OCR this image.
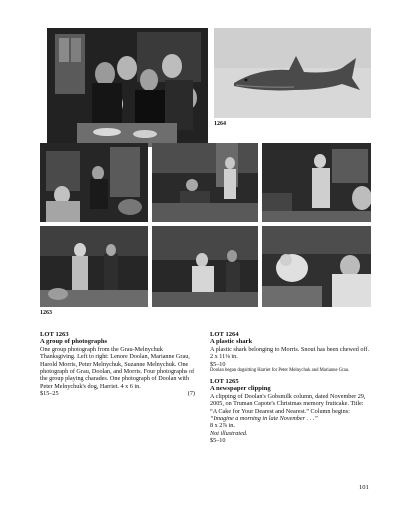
1264
1263
LOT 1263
A group of photographs
One group photograph from the Grau-Melnychuk Thanksgiving. Left to right: Lenore Doolan, Marianne Grau, Harold Morris, Peter Melnychuk, Suzanne Melnychuk. One photograph of Grau, Doolan, and Morris. Four photographs of the group playing charades. One photograph of Doolan with Peter Melnychuk's dog, Harriet. 4 x 6 in.
$15–25	(7)
LOT 1264
A plastic shark
A plastic shark belonging to Morris. Snout has been chewed off. 2 x 11⅛ in.
$5–10
Doolan began dogsitting Harriet for Peter Melnychuk and Marianne Grau.
LOT 1265
A newspaper clipping
A clipping of Doolan's Gobsmilk column, dated November 29, 2005, on Truman Capote's Christmas memory fruitcake. Title: “A Cake for Your Dearest and Nearest.” Column begins: “Imagine a morning in late November . . .”
8 x 2⅞ in.
Not illustrated.
$5–10
101
